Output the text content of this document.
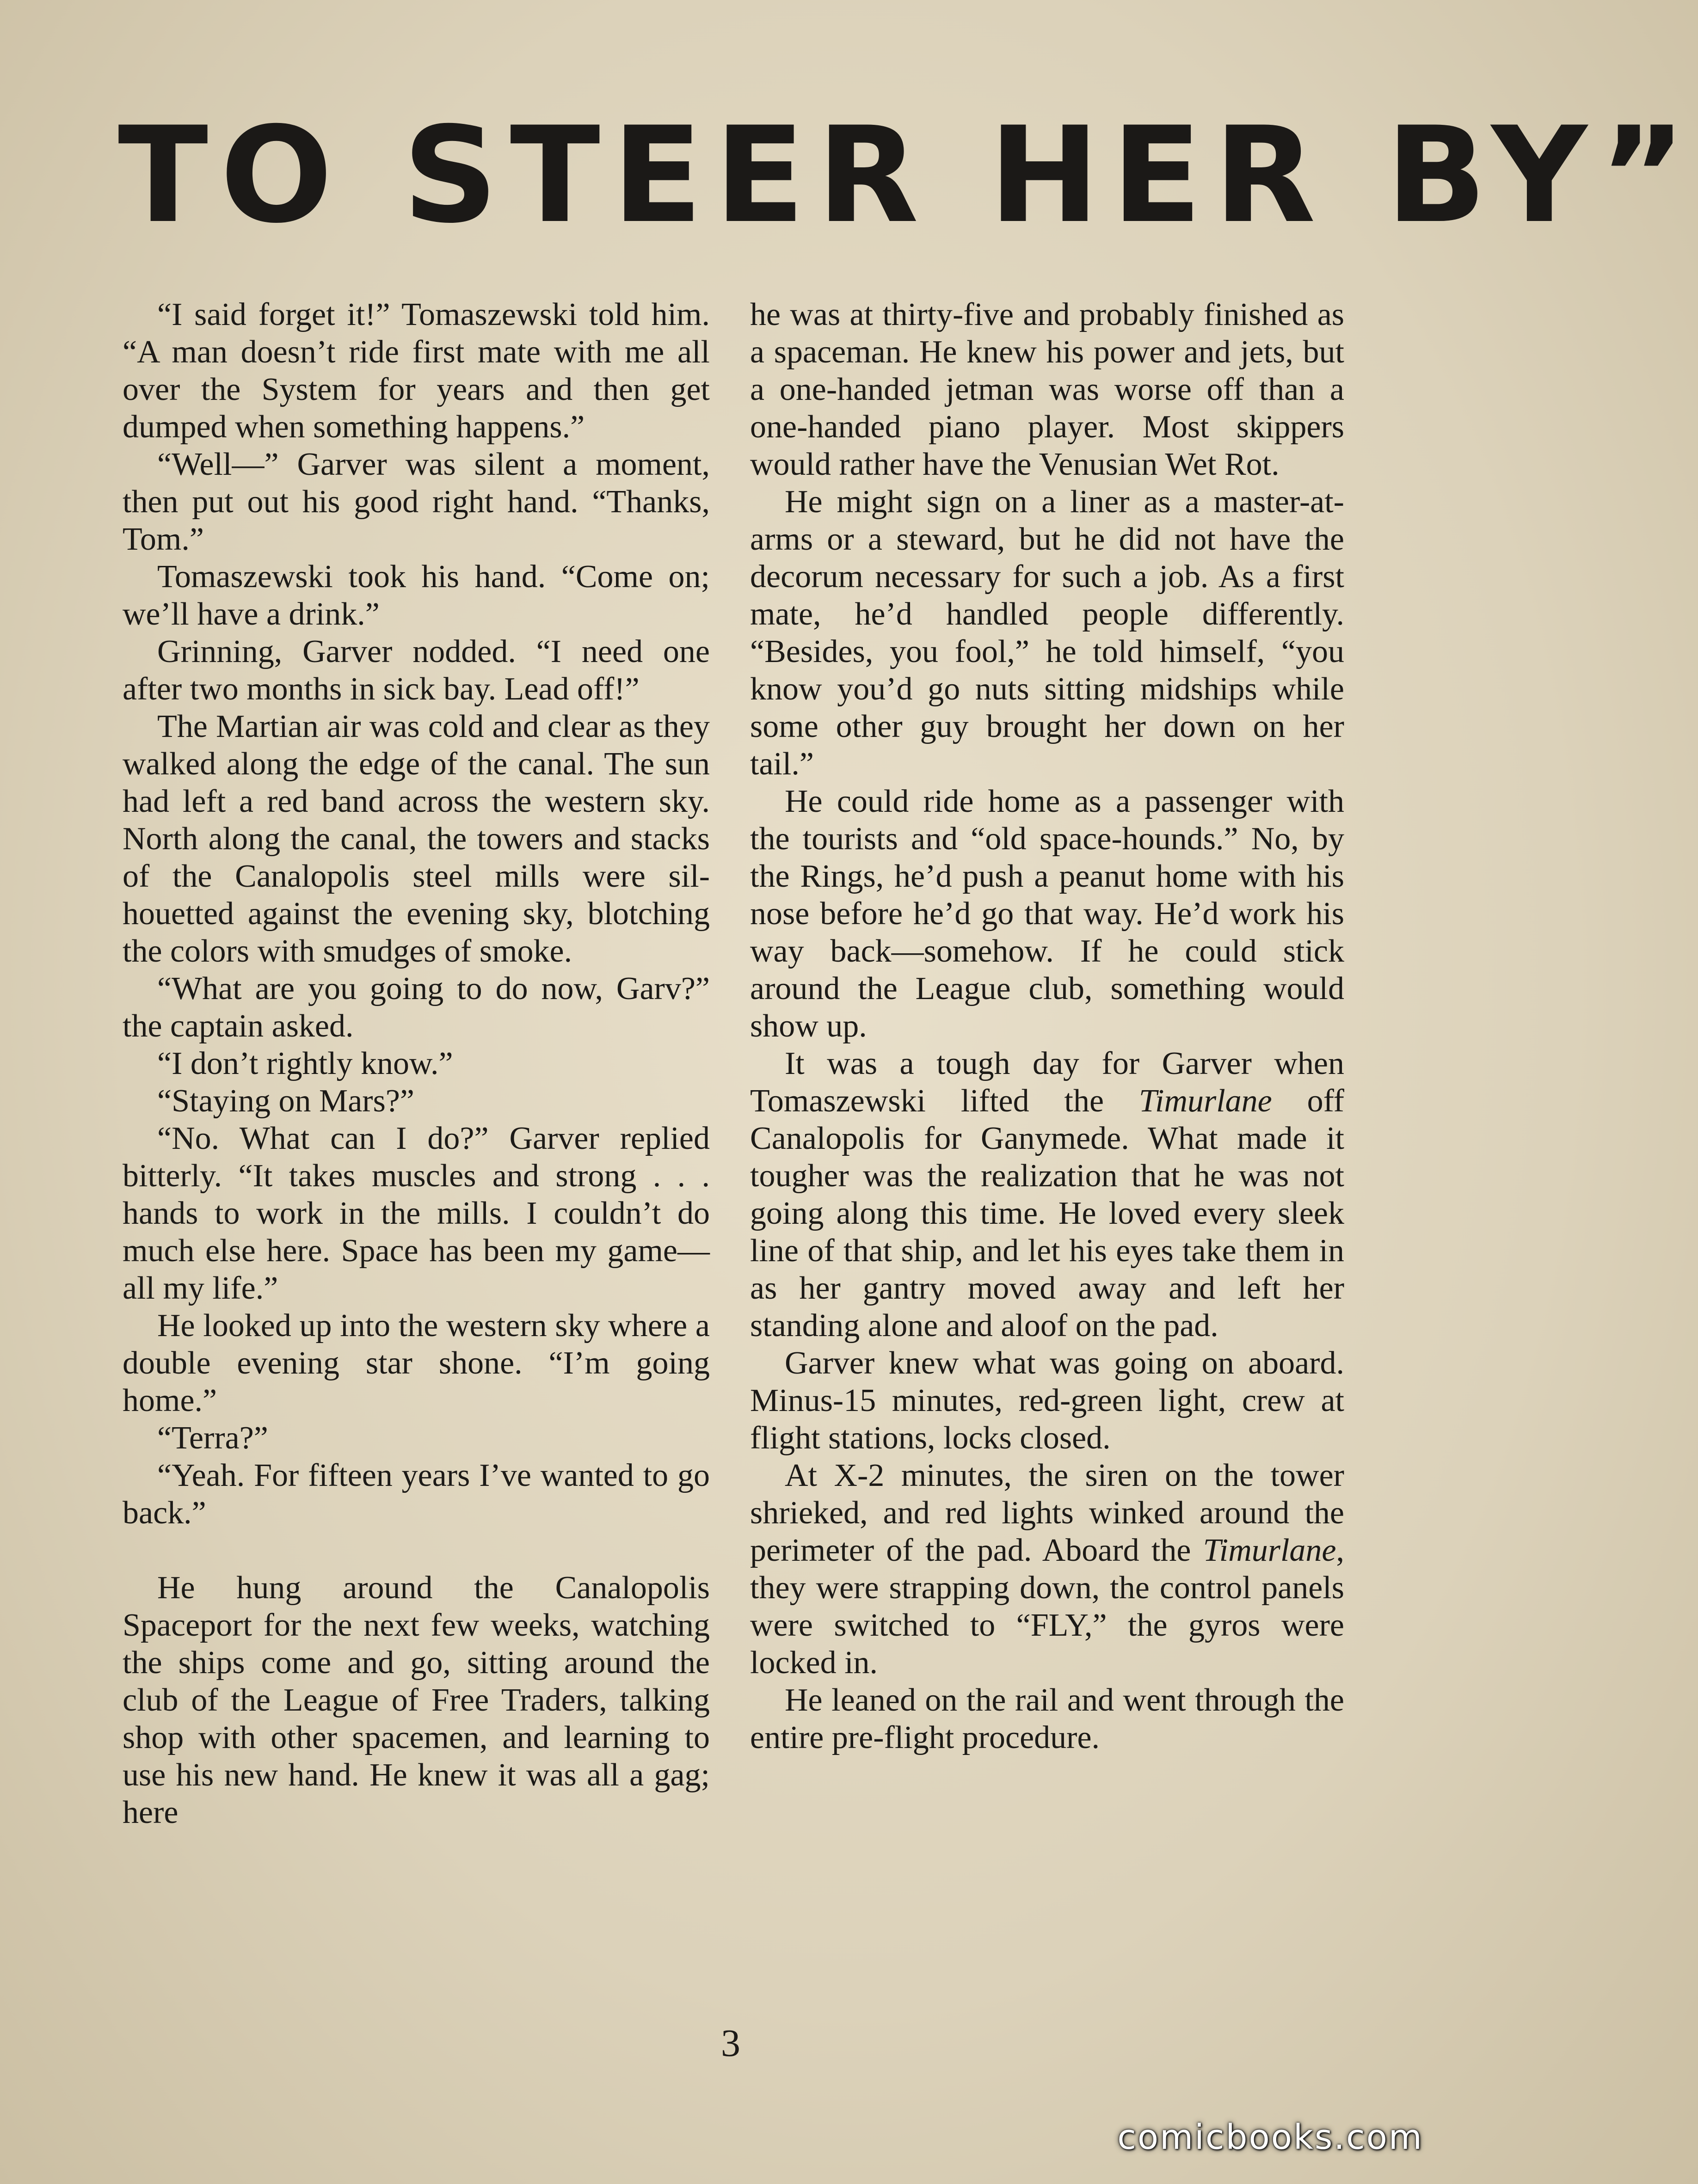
TO STEER HER BY”

“I said forget it!” Tomaszewski told him. “A man doesn’t ride first mate with me all over the System for years and then get dumped when something happens.”

“Well—” Garver was silent a moment, then put out his good right hand. “Thanks, Tom.”

Tomaszewski took his hand. “Come on; we’ll have a drink.”

Grinning, Garver nodded. “I need one after two months in sick bay. Lead off!”

The Martian air was cold and clear as they walked along the edge of the canal. The sun had left a red band across the western sky. North along the canal, the towers and stacks of the Canalopolis steel mills were silhouetted against the evening sky, blotching the colors with smudges of smoke.

“What are you going to do now, Garv?” the captain asked.

“I don’t rightly know.”

“Staying on Mars?”

“No. What can I do?” Garver replied bitterly. “It takes muscles and strong . . . hands to work in the mills. I couldn’t do much else here. Space has been my game—all my life.”

He looked up into the western sky where a double evening star shone. “I’m going home.”

“Terra?”

“Yeah. For fifteen years I’ve wanted to go back.”

He hung around the Canalopolis Spaceport for the next few weeks, watching the ships come and go, sitting around the club of the League of Free Traders, talking shop with other spacemen, and learning to use his new hand. He knew it was all a gag; here

he was at thirty-five and probably finished as a spaceman. He knew his power and jets, but a one-handed jetman was worse off than a one-handed piano player. Most skippers would rather have the Venusian Wet Rot.

He might sign on a liner as a master-at-arms or a steward, but he did not have the decorum necessary for such a job. As a first mate, he’d handled people differently. “Besides, you fool,” he told himself, “you know you’d go nuts sitting midships while some other guy brought her down on her tail.”

He could ride home as a passenger with the tourists and “old space-hounds.” No, by the Rings, he’d push a peanut home with his nose before he’d go that way. He’d work his way back—somehow. If he could stick around the League club, something would show up.

It was a tough day for Garver when Tomaszewski lifted the Timurlane off Canalopolis for Ganymede. What made it tougher was the realization that he was not going along this time. He loved every sleek line of that ship, and let his eyes take them in as her gantry moved away and left her standing alone and aloof on the pad.

Garver knew what was going on aboard. Minus-15 minutes, red-green light, crew at flight stations, locks closed.

At X-2 minutes, the siren on the tower shrieked, and red lights winked around the perimeter of the pad. Aboard the Timurlane, they were strapping down, the control panels were switched to “FLY,” the gyros were locked in.

He leaned on the rail and went through the entire pre-flight procedure.

3
comicbooks.com
